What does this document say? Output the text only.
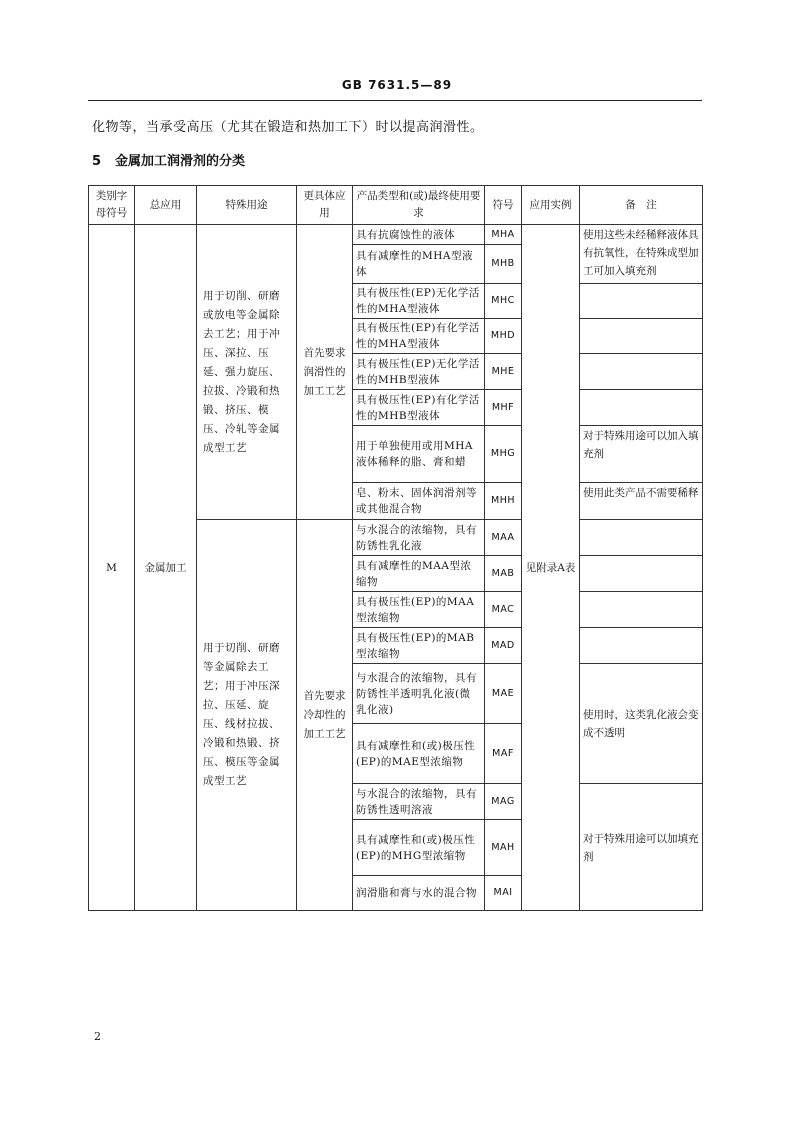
GB 7631.5—89
化物等，当承受高压（尤其在锻造和热加工下）时以提高润滑性。
5 金属加工润滑剂的分类
类别字母符号	总应用	特殊用途	更具体应用	产品类型和(或)最终使用要求	符号	应用实例	备　注
M	金属加工	用于切削、研磨或放电等金属除去工艺；用于冲压、深拉、压延、强力旋压、拉拔、冷锻和热锻、挤压、模压、冷轧等金属成型工艺	首先要求润滑性的加工工艺	具有抗腐蚀性的液体	MHA	见附录A表	使用这些未经稀释液体具有抗氧性，在特殊成型加工可加入填充剂
				具有减摩性的MHA型液体	MHB		
				具有极压性(EP)无化学活性的MHA型液体	MHC		
				具有极压性(EP)有化学活性的MHA型液体	MHD		
				具有极压性(EP)无化学活性的MHB型液体	MHE		
				具有极压性(EP)有化学活性的MHB型液体	MHF		
				用于单独使用或用MHA液体稀释的脂、膏和蜡	MHG		对于特殊用途可以加入填充剂
				皂、粉末、固体润滑剂等或其他混合物	MHH		使用此类产品不需要稀释
		用于切削、研磨等金属除去工艺；用于冲压深拉、压延、旋压、线材拉拔、冷锻和热锻、挤压、模压等金属成型工艺	首先要求冷却性的加工工艺	与水混合的浓缩物，具有防锈性乳化液	MAA		
				具有减摩性的MAA型浓缩物	MAB		
				具有极压性(EP)的MAA型浓缩物	MAC		
				具有极压性(EP)的MAB型浓缩物	MAD		
				与水混合的浓缩物，具有防锈性半透明乳化液(微乳化液)	MAE		使用时，这类乳化液会变成不透明
				具有减摩性和(或)极压性(EP)的MAE型浓缩物	MAF		
				与水混合的浓缩物，具有防锈性透明溶液	MAG		对于特殊用途可以加填充剂
				具有减摩性和(或)极压性(EP)的MHG型浓缩物	MAH		
				润滑脂和膏与水的混合物	MAI		
2
